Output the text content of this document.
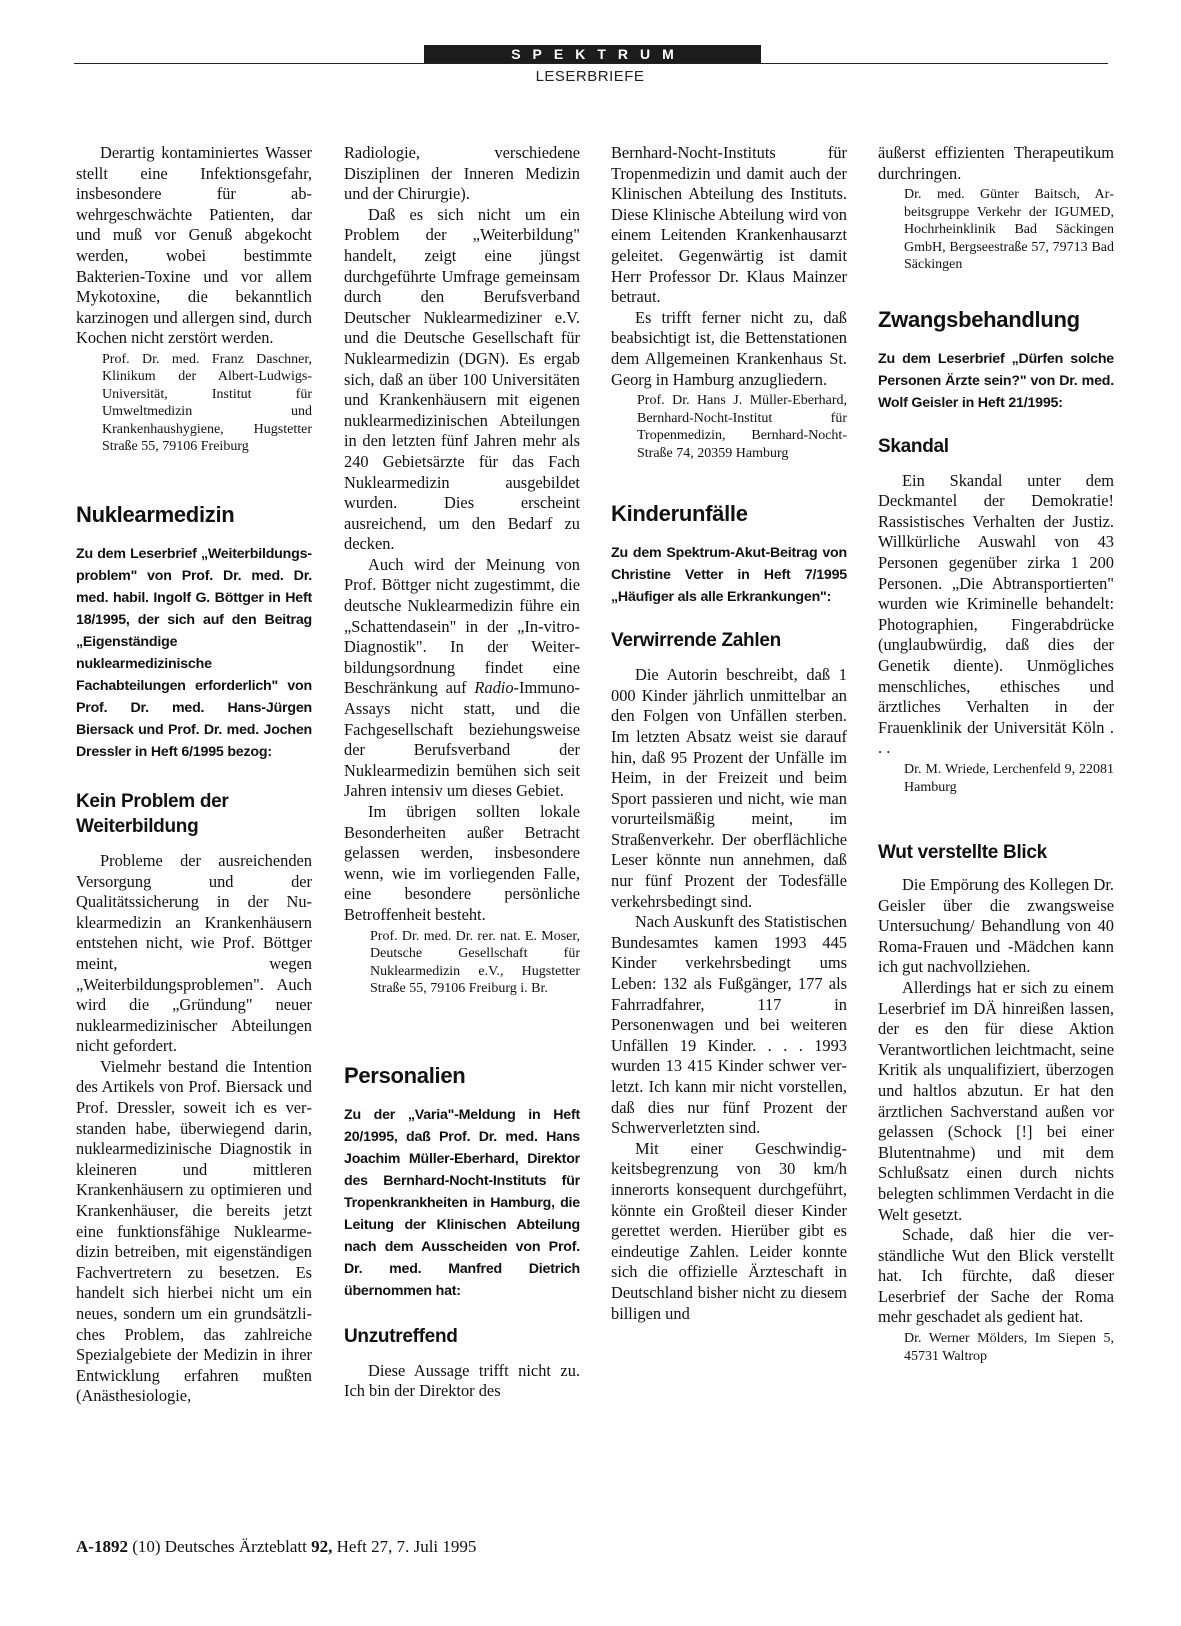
SPEKTRUM
LESERBRIEFE

Derartig kontaminiertes Wasser stellt eine Infektionsgefahr, insbesondere für abwehrgeschwächte Patienten, dar und muß vor Genuß abgekocht werden, wobei bestimmte Bakterien-Toxine und vor allem Mykotoxine, die bekanntlich karzinogen und allergen sind, durch Kochen nicht zerstört werden.

Prof. Dr. med. Franz Daschner, Klinikum der Albert-Ludwigs-Universität, Institut für Umweltmedizin und Krankenhaushygiene, Hugstetter Straße 55, 79106 Freiburg

Nuklearmedizin

Zu dem Leserbrief „Weiterbildungsproblem" von Prof. Dr. med. Dr. med. habil. Ingolf G. Böttger in Heft 18/1995, der sich auf den Beitrag „Eigenständige nuklearmedizinische Fachabteilungen erforderlich" von Prof. Dr. med. Hans-Jürgen Biersack und Prof. Dr. med. Jochen Dressler in Heft 6/1995 bezog:

Kein Problem der Weiterbildung

Probleme der ausreichenden Versorgung und der Qualitätssicherung in der Nuklearmedizin an Krankenhäusern entstehen nicht, wie Prof. Böttger meint, wegen „Weiterbildungsproblemen". Auch wird die „Gründung" neuer nuklearmedizinischer Abteilungen nicht gefordert.

Vielmehr bestand die Intention des Artikels von Prof. Biersack und Prof. Dressler, soweit ich es verstanden habe, überwiegend darin, nuklearmedizinische Diagnostik in kleineren und mittleren Krankenhäusern zu optimieren und Krankenhäuser, die bereits jetzt eine funktionsfähige Nuklearmedizin betreiben, mit eigenständigen Fachvertretern zu besetzen. Es handelt sich hierbei nicht um ein neues, sondern um ein grundsätzliches Problem, das zahlreiche Spezialgebiete der Medizin in ihrer Entwicklung erfahren mußten (Anästhesiologie,

Radiologie, verschiedene Disziplinen der Inneren Medizin und der Chirurgie).

Daß es sich nicht um ein Problem der „Weiterbildung" handelt, zeigt eine jüngst durchgeführte Umfrage gemeinsam durch den Berufsverband Deutscher Nuklearmediziner e.V. und die Deutsche Gesellschaft für Nuklearmedizin (DGN). Es ergab sich, daß an über 100 Universitäten und Krankenhäusern mit eigenen nuklearmedizinischen Abteilungen in den letzten fünf Jahren mehr als 240 Gebietsärzte für das Fach Nuklearmedizin ausgebildet wurden. Dies erscheint ausreichend, um den Bedarf zu decken.

Auch wird der Meinung von Prof. Böttger nicht zugestimmt, die deutsche Nuklearmedizin führe ein „Schattendasein" in der „In-vitro-Diagnostik". In der Weiterbildungsordnung findet eine Beschränkung auf Radio-Immuno-Assays nicht statt, und die Fachgesellschaft beziehungsweise der Berufsverband der Nuklearmedizin bemühen sich seit Jahren intensiv um dieses Gebiet.

Im übrigen sollten lokale Besonderheiten außer Betracht gelassen werden, insbesondere wenn, wie im vorliegenden Falle, eine besondere persönliche Betroffenheit besteht.

Prof. Dr. med. Dr. rer. nat. E. Moser, Deutsche Gesellschaft für Nuklearmedizin e.V., Hugstetter Straße 55, 79106 Freiburg i. Br.

Personalien

Zu der „Varia"-Meldung in Heft 20/1995, daß Prof. Dr. med. Hans Joachim Müller-Eberhard, Direktor des Bernhard-Nocht-Instituts für Tropenkrankheiten in Hamburg, die Leitung der Klinischen Abteilung nach dem Ausscheiden von Prof. Dr. med. Manfred Dietrich übernommen hat:

Unzutreffend

Diese Aussage trifft nicht zu. Ich bin der Direktor des

Bernhard-Nocht-Instituts für Tropenmedizin und damit auch der Klinischen Abteilung des Instituts. Diese Klinische Abteilung wird von einem Leitenden Krankenhausarzt geleitet. Gegenwärtig ist damit Herr Professor Dr. Klaus Mainzer betraut.

Es trifft ferner nicht zu, daß beabsichtigt ist, die Bettenstationen dem Allgemeinen Krankenhaus St. Georg in Hamburg anzugliedern.

Prof. Dr. Hans J. Müller-Eberhard, Bernhard-Nocht-Institut für Tropenmedizin, Bernhard-Nocht-Straße 74, 20359 Hamburg

Kinderunfälle

Zu dem Spektrum-Akut-Beitrag von Christine Vetter in Heft 7/1995 „Häufiger als alle Erkrankungen":

Verwirrende Zahlen

Die Autorin beschreibt, daß 1 000 Kinder jährlich unmittelbar an den Folgen von Unfällen sterben. Im letzten Absatz weist sie darauf hin, daß 95 Prozent der Unfälle im Heim, in der Freizeit und beim Sport passieren und nicht, wie man vorurteilsmäßig meint, im Straßenverkehr. Der oberflächliche Leser könnte nun annehmen, daß nur fünf Prozent der Todesfälle verkehrsbedingt sind.

Nach Auskunft des Statistischen Bundesamtes kamen 1993 445 Kinder verkehrsbedingt ums Leben: 132 als Fußgänger, 177 als Fahrradfahrer, 117 in Personenwagen und bei weiteren Unfällen 19 Kinder. . . . 1993 wurden 13 415 Kinder schwer verletzt. Ich kann mir nicht vorstellen, daß dies nur fünf Prozent der Schwerverletzten sind.

Mit einer Geschwindigkeitsbegrenzung von 30 km/h innerorts konsequent durchgeführt, könnte ein Großteil dieser Kinder gerettet werden. Hierüber gibt es eindeutige Zahlen. Leider konnte sich die offizielle Ärzteschaft in Deutschland bisher nicht zu diesem billigen und

äußerst effizienten Therapeutikum durchringen.

Dr. med. Günter Baitsch, Arbeitsgruppe Verkehr der IGUMED, Hochrheinklinik Bad Säckingen GmbH, Bergseestraße 57, 79713 Bad Säckingen

Zwangsbehandlung

Zu dem Leserbrief „Dürfen solche Personen Ärzte sein?" von Dr. med. Wolf Geisler in Heft 21/1995:

Skandal

Ein Skandal unter dem Deckmantel der Demokratie! Rassistisches Verhalten der Justiz. Willkürliche Auswahl von 43 Personen gegenüber zirka 1 200 Personen. „Die Abtransportierten" wurden wie Kriminelle behandelt: Photographien, Fingerabdrücke (unglaubwürdig, daß dies der Genetik diente). Unmögliches menschliches, ethisches und ärztliches Verhalten in der Frauenklinik der Universität Köln . . .

Dr. M. Wriede, Lerchenfeld 9, 22081 Hamburg

Wut verstellte Blick

Die Empörung des Kollegen Dr. Geisler über die zwangsweise Untersuchung/ Behandlung von 40 Roma-Frauen und -Mädchen kann ich gut nachvollziehen.

Allerdings hat er sich zu einem Leserbrief im DÄ hinreißen lassen, der es den für diese Aktion Verantwortlichen leichtmacht, seine Kritik als unqualifiziert, überzogen und haltlos abzutun. Er hat den ärztlichen Sachverstand außen vor gelassen (Schock [!] bei einer Blutentnahme) und mit dem Schlußsatz einen durch nichts belegten schlimmen Verdacht in die Welt gesetzt.

Schade, daß hier die verständliche Wut den Blick verstellt hat. Ich fürchte, daß dieser Leserbrief der Sache der Roma mehr geschadet als gedient hat.

Dr. Werner Mölders, Im Siepen 5, 45731 Waltrop

A-1892 (10) Deutsches Ärzteblatt 92, Heft 27, 7. Juli 1995
